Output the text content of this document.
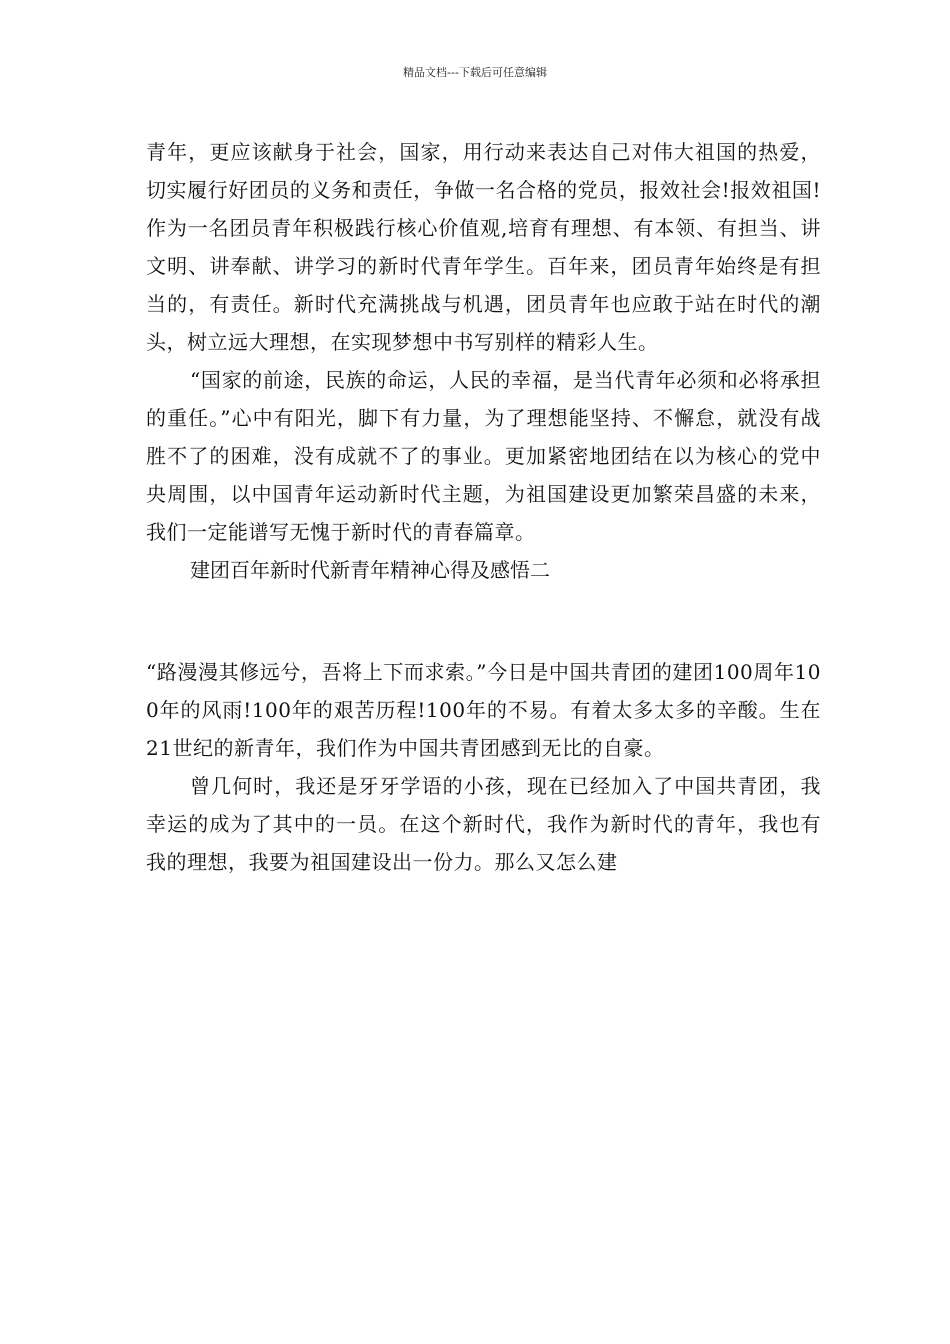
精品文档---下载后可任意编辑

青年，更应该献身于社会，国家，用行动来表达自己对伟大祖国的热爱，切实履行好团员的义务和责任，争做一名合格的党员，报效社会!报效祖国!作为一名团员青年积极践行核心价值观,培育有理想、有本领、有担当、讲文明、讲奉献、讲学习的新时代青年学生。百年来，团员青年始终是有担当的，有责任。新时代充满挑战与机遇，团员青年也应敢于站在时代的潮头，树立远大理想，在实现梦想中书写别样的精彩人生。

“国家的前途，民族的命运，人民的幸福，是当代青年必须和必将承担的重任。”心中有阳光，脚下有力量，为了理想能坚持、不懈怠，就没有战胜不了的困难，没有成就不了的事业。更加紧密地团结在以为核心的党中央周围，以中国青年运动新时代主题，为祖国建设更加繁荣昌盛的未来，我们一定能谱写无愧于新时代的青春篇章。

建团百年新时代新青年精神心得及感悟二

“路漫漫其修远兮，吾将上下而求索。”今日是中国共青团的建团100周年100年的风雨!100年的艰苦历程!100年的不易。有着太多太多的辛酸。生在21世纪的新青年，我们作为中国共青团感到无比的自豪。

曾几何时，我还是牙牙学语的小孩，现在已经加入了中国共青团，我幸运的成为了其中的一员。在这个新时代，我作为新时代的青年，我也有我的理想，我要为祖国建设出一份力。那么又怎么建
